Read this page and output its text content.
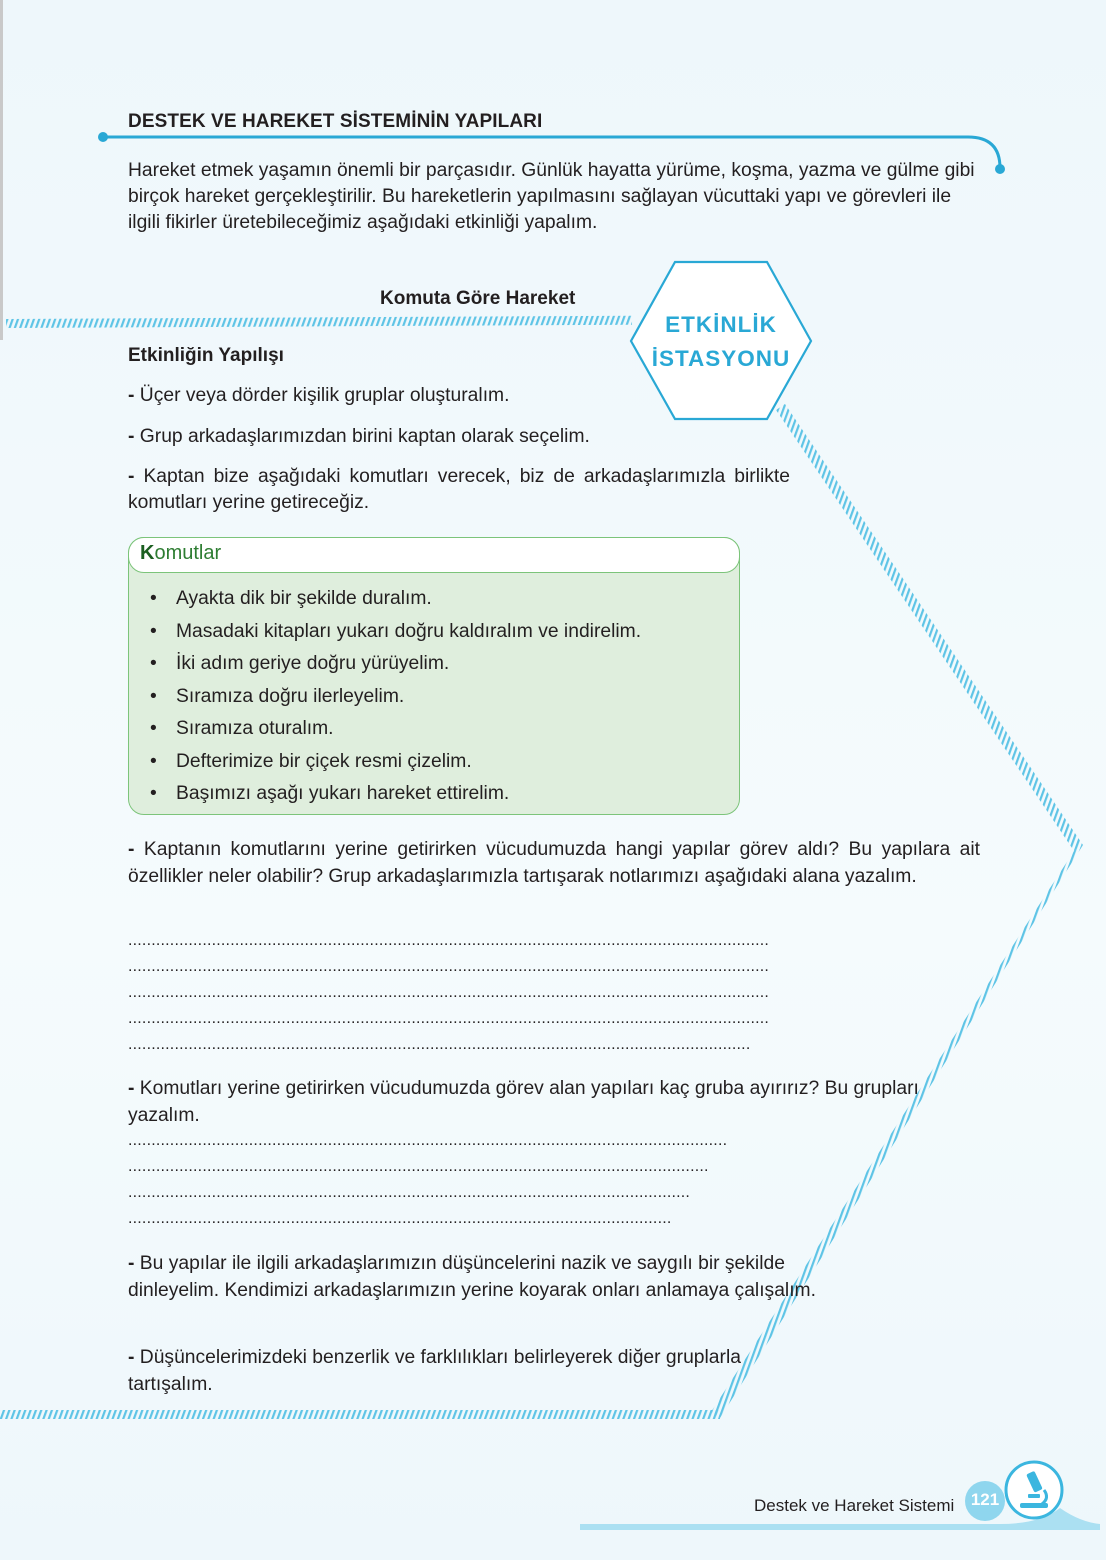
DESTEK VE HAREKET SİSTEMİNİN YAPILARI
Hareket etmek yaşamın önemli bir parçasıdır. Günlük hayatta yürüme, koşma, yazma ve gülme gibi birçok hareket gerçekleştirilir. Bu hareketlerin yapılmasını sağlayan vücuttaki yapı ve görevleri ile ilgili fikirler üretebileceğimiz aşağıdaki etkinliği yapalım.
Komuta Göre Hareket
ETKİNLİK
İSTASYONU
Etkinliğin Yapılışı
- Üçer veya dörder kişilik gruplar oluşturalım.
- Grup arkadaşlarımızdan birini kaptan olarak seçelim.
- Kaptan bize aşağıdaki komutları verecek, biz de arkadaşlarımızla birlikte komutları yerine getireceğiz.
Komutlar
• Ayakta dik bir şekilde duralım.
• Masadaki kitapları yukarı doğru kaldıralım ve indirelim.
• İki adım geriye doğru yürüyelim.
• Sıramıza doğru ilerleyelim.
• Sıramıza oturalım.
• Defterimize bir çiçek resmi çizelim.
• Başımızı aşağı yukarı hareket ettirelim.
- Kaptanın komutlarını yerine getirirken vücudumuzda hangi yapılar görev aldı? Bu yapılara ait özellikler neler olabilir? Grup arkadaşlarımızla tartışarak notlarımızı aşağıdaki alana yazalım.
..........................................................................................................................................
..........................................................................................................................................
..........................................................................................................................................
..........................................................................................................................................
......................................................................................................................................
- Komutları yerine getirirken vücudumuzda görev alan yapıları kaç gruba ayırırız? Bu grupları yazalım.
.................................................................................................................................
.............................................................................................................................
.........................................................................................................................
.....................................................................................................................
- Bu yapılar ile ilgili arkadaşlarımızın düşüncelerini nazik ve saygılı bir şekilde dinleyelim. Kendimizi arkadaşlarımızın yerine koyarak onları anlamaya çalışalım.
- Düşüncelerimizdeki benzerlik ve farklılıkları belirleyerek diğer gruplarla tartışalım.
Destek ve Hareket Sistemi 121
